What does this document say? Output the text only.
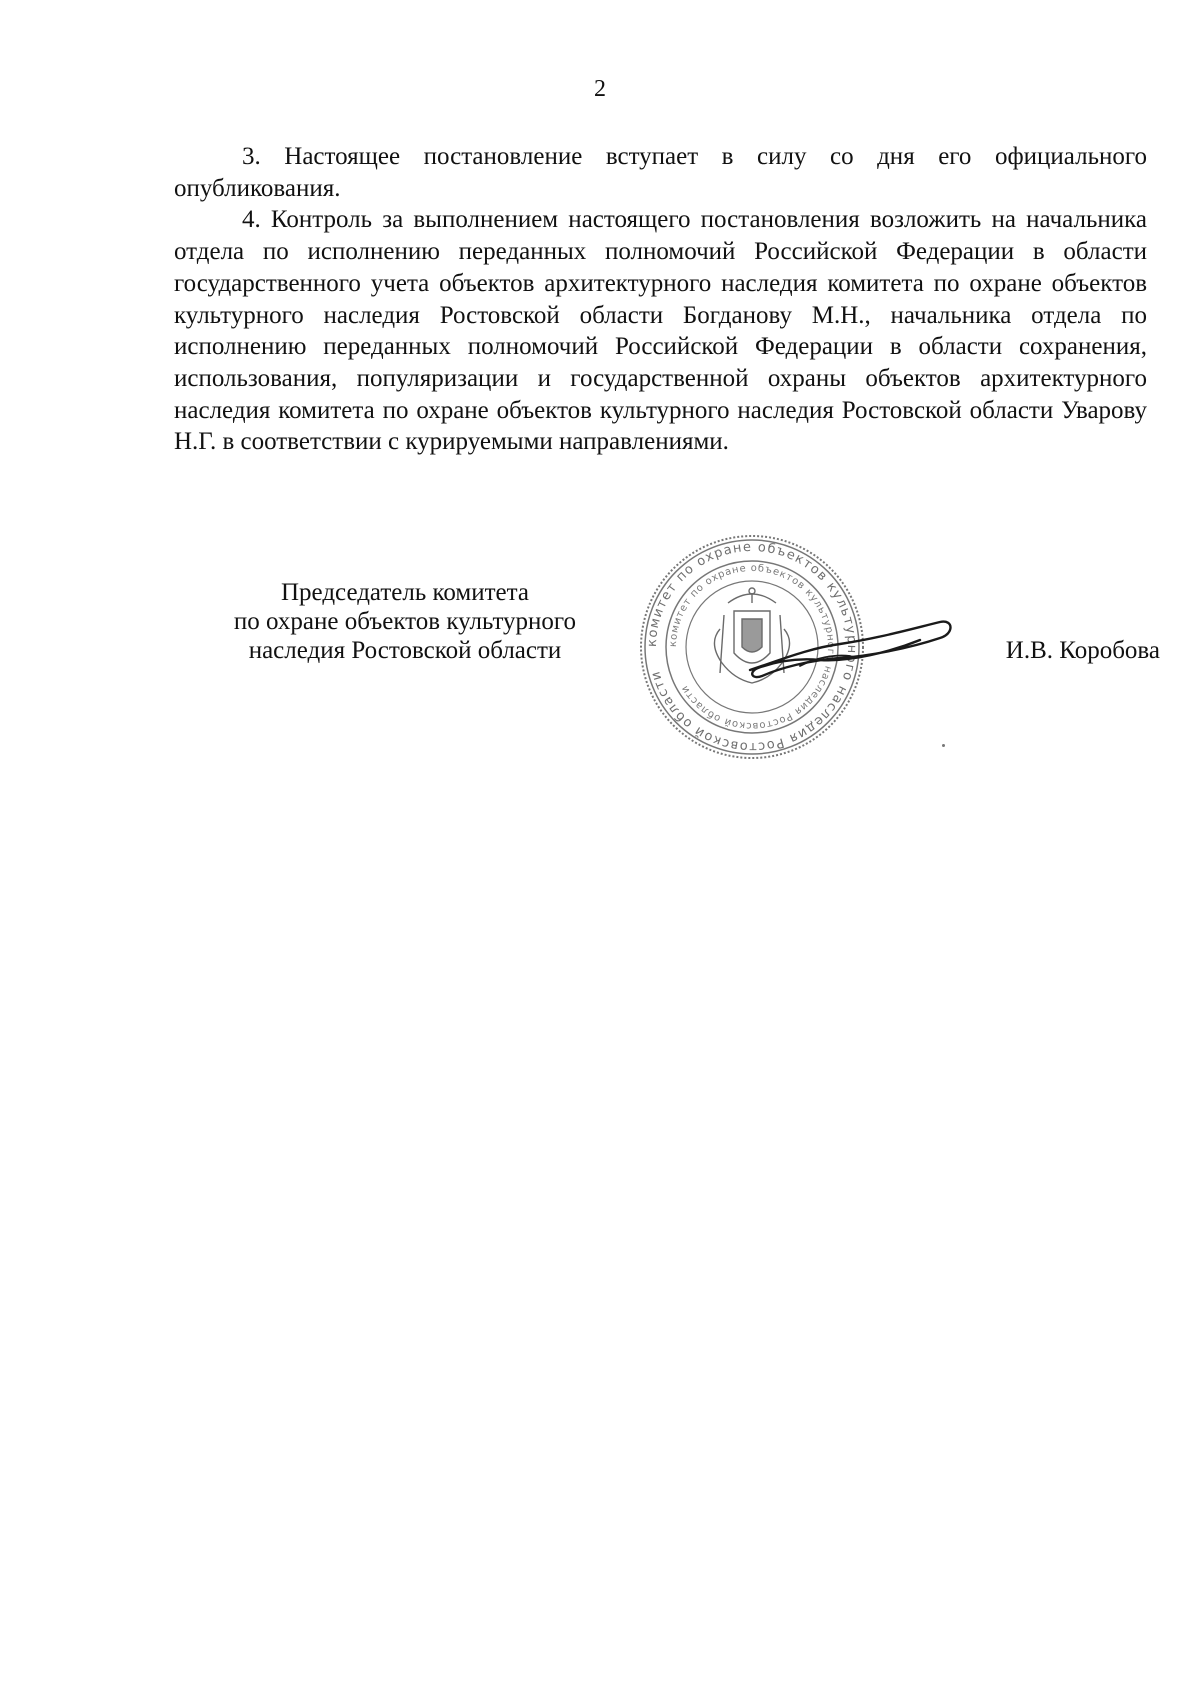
2

3. Настоящее постановление вступает в силу со дня его официального опубликования.

4. Контроль за выполнением настоящего постановления возложить на начальника отдела по исполнению переданных полномочий Российской Федерации в области государственного учета объектов архитектурного наследия комитета по охране объектов культурного наследия Ростовской области Богданову М.Н., начальника отдела по исполнению переданных полномочий Российской Федерации в области сохранения, использования, популяризации и государственной охраны объектов архитектурного наследия комитета по охране объектов культурного наследия Ростовской области Уварову Н.Г. в соответствии с курируемыми направлениями.

Председатель комитета
по охране объектов культурного
наследия Ростовской области	комитет по охране объектов культурного наследия Ростовской области
комитет по охране объектов культурного наследия Ростовской области
И.В. Коробова
